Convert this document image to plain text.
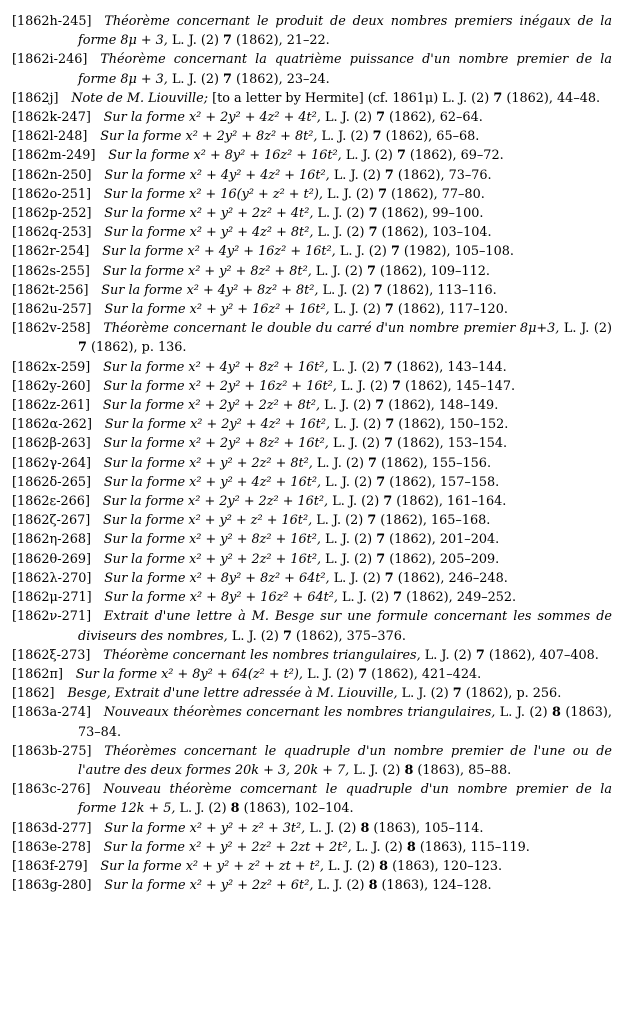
[1862h-245]  Théorème concernant le produit de deux nombres premiers inégaux de la forme 8μ + 3, L. J. (2) 7 (1862), 21–22.

[1862i-246]  Théorème concernant la quatrième puissance d'un nombre premier de la forme 8μ + 3, L. J. (2) 7 (1862), 23–24.

[1862j]  Note de M. Liouville; [to a letter by Hermite] (cf. 1861μ) L. J. (2) 7 (1862), 44–48.

[1862k-247]  Sur la forme x² + 2y² + 4z² + 4t², L. J. (2) 7 (1862), 62–64.

[1862l-248]  Sur la forme x² + 2y² + 8z² + 8t², L. J. (2) 7 (1862), 65–68.

[1862m-249]  Sur la forme x² + 8y² + 16z² + 16t², L. J. (2) 7 (1862), 69–72.

[1862n-250]  Sur la forme x² + 4y² + 4z² + 16t², L. J. (2) 7 (1862), 73–76.

[1862o-251]  Sur la forme x² + 16(y² + z² + t²), L. J. (2) 7 (1862), 77–80.

[1862p-252]  Sur la forme x² + y² + 2z² + 4t², L. J. (2) 7 (1862), 99–100.

[1862q-253]  Sur la forme x² + y² + 4z² + 8t², L. J. (2) 7 (1862), 103–104.

[1862r-254]  Sur la forme x² + 4y² + 16z² + 16t², L. J. (2) 7 (1982), 105–108.

[1862s-255]  Sur la forme x² + y² + 8z² + 8t², L. J. (2) 7 (1862), 109–112.

[1862t-256]  Sur la forme x² + 4y² + 8z² + 8t², L. J. (2) 7 (1862), 113–116.

[1862u-257]  Sur la forme x² + y² + 16z² + 16t², L. J. (2) 7 (1862), 117–120.

[1862v-258]  Théorème concernant le double du carré d'un nombre premier 8μ+3, L. J. (2) 7 (1862), p. 136.

[1862x-259]  Sur la forme x² + 4y² + 8z² + 16t², L. J. (2) 7 (1862), 143–144.

[1862y-260]  Sur la forme x² + 2y² + 16z² + 16t², L. J. (2) 7 (1862), 145–147.

[1862z-261]  Sur la forme x² + 2y² + 2z² + 8t², L. J. (2) 7 (1862), 148–149.

[1862α-262]  Sur la forme x² + 2y² + 4z² + 16t², L. J. (2) 7 (1862), 150–152.

[1862β-263]  Sur la forme x² + 2y² + 8z² + 16t², L. J. (2) 7 (1862), 153–154.

[1862γ-264]  Sur la forme x² + y² + 2z² + 8t², L. J. (2) 7 (1862), 155–156.

[1862δ-265]  Sur la forme x² + y² + 4z² + 16t², L. J. (2) 7 (1862), 157–158.

[1862ε-266]  Sur la forme x² + 2y² + 2z² + 16t², L. J. (2) 7 (1862), 161–164.

[1862ζ-267]  Sur la forme x² + y² + z² + 16t², L. J. (2) 7 (1862), 165–168.

[1862η-268]  Sur la forme x² + y² + 8z² + 16t², L. J. (2) 7 (1862), 201–204.

[1862θ-269]  Sur la forme x² + y² + 2z² + 16t², L. J. (2) 7 (1862), 205–209.

[1862λ-270]  Sur la forme x² + 8y² + 8z² + 64t², L. J. (2) 7 (1862), 246–248.

[1862μ-271]  Sur la forme x² + 8y² + 16z² + 64t², L. J. (2) 7 (1862), 249–252.

[1862ν-271]  Extrait d'une lettre à M. Besge sur une formule concernant les sommes de diviseurs des nombres, L. J. (2) 7 (1862), 375–376.

[1862ξ-273]  Théorème concernant les nombres triangulaires, L. J. (2) 7 (1862), 407–408.

[1862π]  Sur la forme x² + 8y² + 64(z² + t²), L. J. (2) 7 (1862), 421–424.

[1862]  Besge, Extrait d'une lettre adressée à M. Liouville, L. J. (2) 7 (1862), p. 256.

[1863a-274]  Nouveaux théorèmes concernant les nombres triangulaires, L. J. (2) 8 (1863), 73–84.

[1863b-275]  Théorèmes concernant le quadruple d'un nombre premier de l'une ou de l'autre des deux formes 20k + 3, 20k + 7, L. J. (2) 8 (1863), 85–88.

[1863c-276]  Nouveau théorème comcernant le quadruple d'un nombre premier de la forme 12k + 5, L. J. (2) 8 (1863), 102–104.

[1863d-277]  Sur la forme x² + y² + z² + 3t², L. J. (2) 8 (1863), 105–114.

[1863e-278]  Sur la forme x² + y² + 2z² + 2zt + 2t², L. J. (2) 8 (1863), 115–119.

[1863f-279]  Sur la forme x² + y² + z² + zt + t², L. J. (2) 8 (1863), 120–123.

[1863g-280]  Sur la forme x² + y² + 2z² + 6t², L. J. (2) 8 (1863), 124–128.
